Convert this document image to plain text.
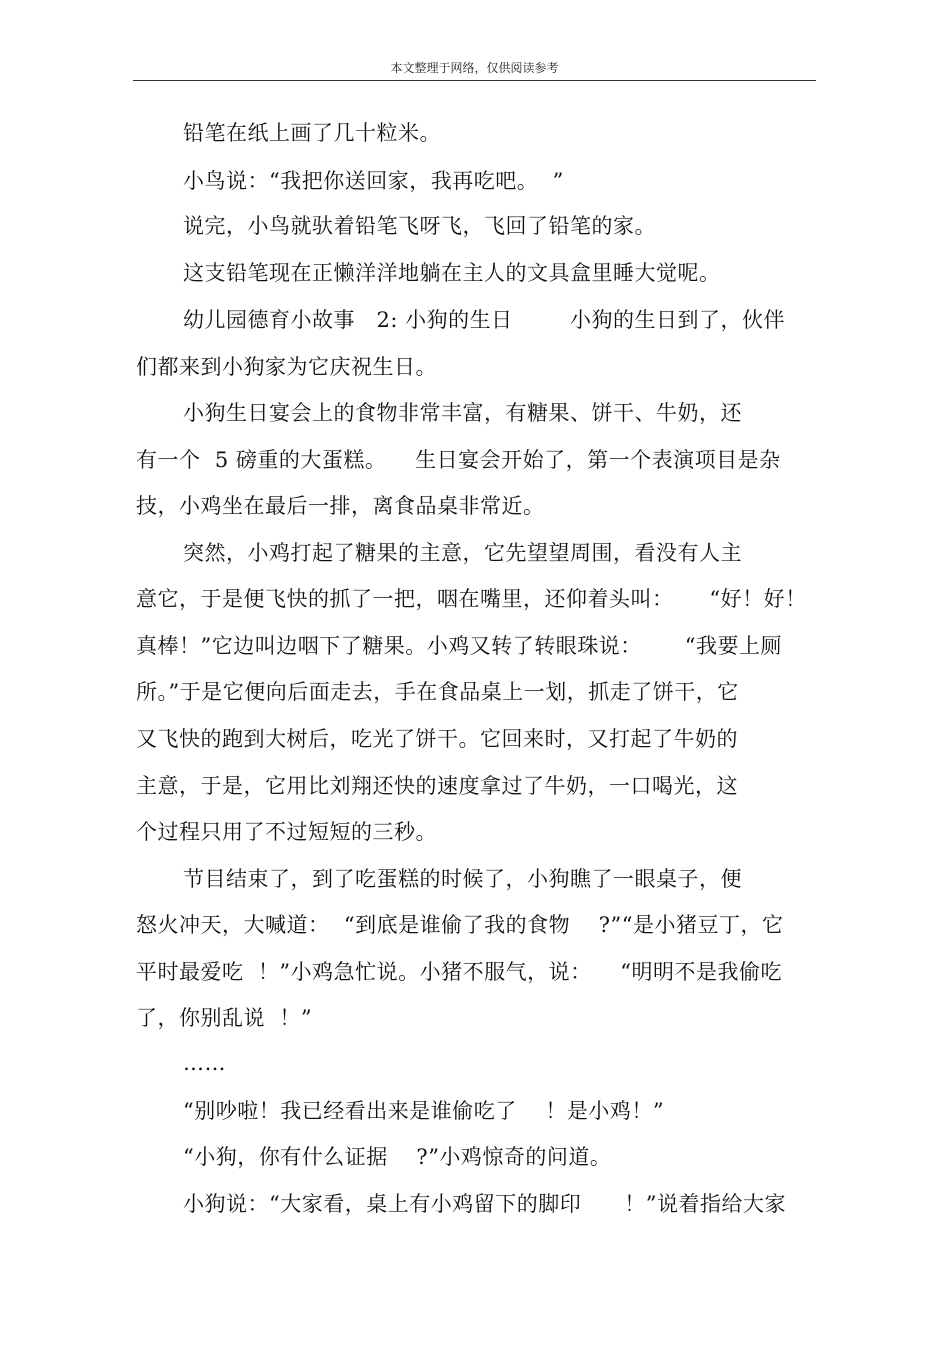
本文整理于网络，仅供阅读参考
铅笔在纸上画了几十粒米。
小鸟说：“我把你送回家，我再吃吧。  ”
说完，小鸟就驮着铅笔飞呀飞，飞回了铅笔的家。
这支铅笔现在正懒洋洋地躺在主人的文具盒里睡大觉呢。
幼儿园德育小故事   2: 小狗的生日        小狗的生日到了，伙伴
们都来到小狗家为它庆祝生日。
小狗生日宴会上的食物非常丰富，有糖果、饼干、牛奶，还
有一个  5 磅重的大蛋糕。    生日宴会开始了，第一个表演项目是杂
技，小鸡坐在最后一排，离食品桌非常近。
突然，小鸡打起了糖果的主意，它先望望周围，看没有人主
意它，于是便飞快的抓了一把，咽在嘴里，还仰着头叫：     “好！好！
真棒！”它边叫边咽下了糖果。小鸡又转了转眼珠说：      “我要上厕
所。”于是它便向后面走去，手在食品桌上一划，抓走了饼干，它
又飞快的跑到大树后，吃光了饼干。它回来时，又打起了牛奶的
主意，于是，它用比刘翔还快的速度拿过了牛奶，一口喝光，这
个过程只用了不过短短的三秒。
节目结束了，到了吃蛋糕的时候了，小狗瞧了一眼桌子，便
怒火冲天，大喊道：  “到底是谁偷了我的食物    ?”“是小猪豆丁，它
平时最爱吃  ！”小鸡急忙说。小猪不服气，说：    “明明不是我偷吃
了，你别乱说  ！”
……
“别吵啦！我已经看出来是谁偷吃了    ！是小鸡！”
“小狗，你有什么证据    ?”小鸡惊奇的问道。
小狗说：“大家看，桌上有小鸡留下的脚印      ！”说着指给大家
